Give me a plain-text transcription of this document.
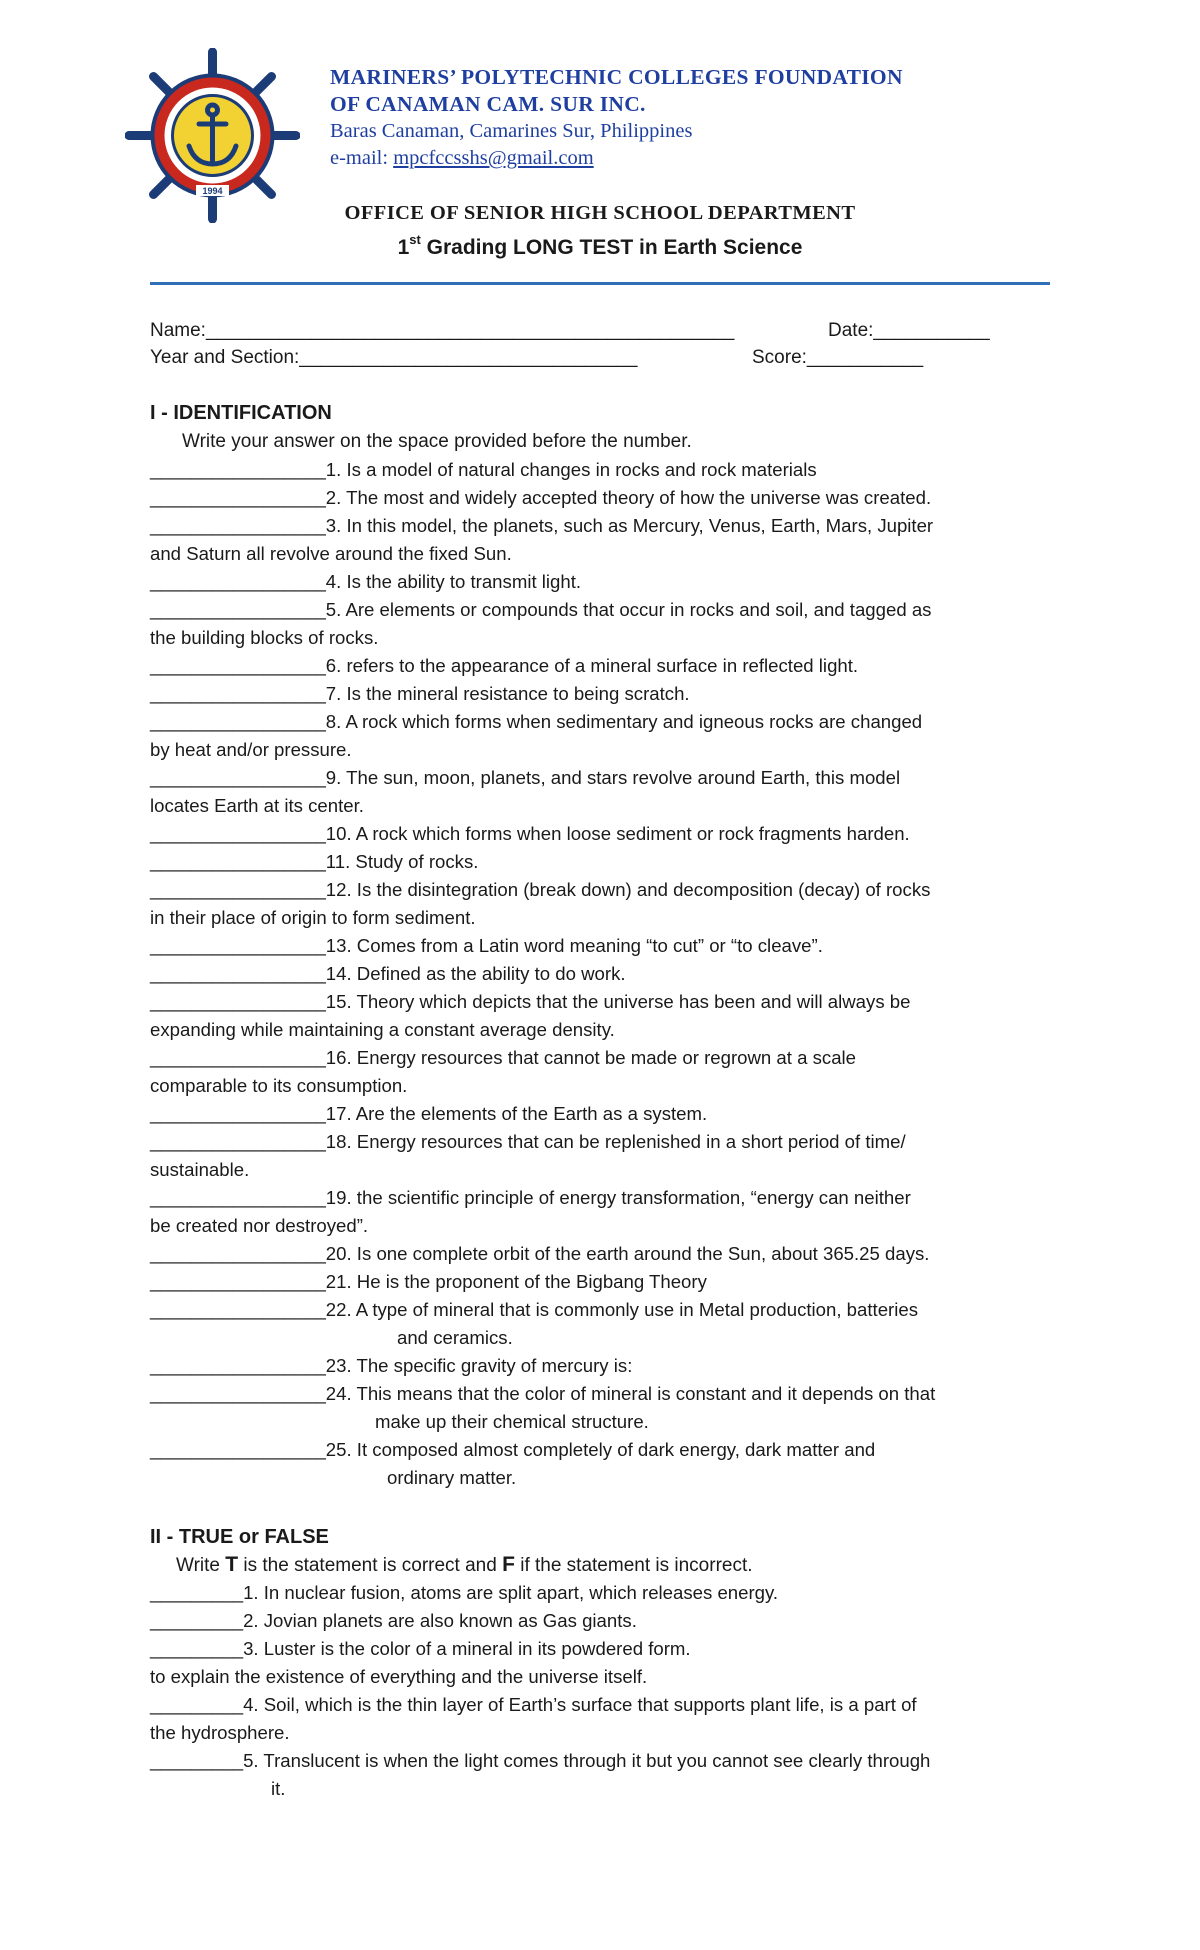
1994

MARINERS’ POLYTECHNIC COLLEGES FOUNDATION

OF CANAMAN CAM. SUR INC.

Baras Canaman, Camarines Sur, Philippines

e-mail: mpcfccsshs@gmail.com

OFFICE OF SENIOR HIGH SCHOOL DEPARTMENT
1st Grading LONG TEST in Earth Science
Name:__________________________________________________	Date:___________
Year and Section:________________________________	Score:___________
I - IDENTIFICATION
Write your answer on the space provided before the number.
_________________1. Is a model of natural changes in rocks and rock materials
_________________2. The most and widely accepted theory of how the universe was created.
_________________3. In this model, the planets, such as Mercury, Venus, Earth, Mars, Jupiter
and Saturn all revolve around the fixed Sun.
_________________4. Is the ability to transmit light.
_________________5. Are elements or compounds that occur in rocks and soil, and tagged as
the building blocks of rocks.
_________________6. refers to the appearance of a mineral surface in reflected light.
_________________7. Is the mineral resistance to being scratch.
_________________8. A rock which forms when sedimentary and igneous rocks are changed
by heat and/or pressure.
_________________9. The sun, moon, planets, and stars revolve around Earth, this model
locates Earth at its center.
_________________10. A rock which forms when loose sediment or rock fragments harden.
_________________11. Study of rocks.
_________________12. Is the disintegration (break down) and decomposition (decay) of rocks
in their place of origin to form sediment.
_________________13. Comes from a Latin word meaning “to cut” or “to cleave”.
_________________14. Defined as the ability to do work.
_________________15. Theory which depicts that the universe has been and will always be
expanding while maintaining a constant average density.
_________________16. Energy resources that cannot be made or regrown at a scale
comparable to its consumption.
_________________17. Are the elements of the Earth as a system.
_________________18. Energy resources that can be replenished in a short period of time/
sustainable.
_________________19. the scientific principle of energy transformation, “energy can neither
be created nor destroyed”.
_________________20. Is one complete orbit of the earth around the Sun, about 365.25 days.
_________________21. He is the proponent of the Bigbang Theory
_________________22. A type of mineral that is commonly use in Metal production, batteries
and ceramics.
_________________23. The specific gravity of mercury is:
_________________24. This means that the color of mineral is constant and it depends on that
make up their chemical structure.
_________________25. It composed almost completely of dark energy, dark matter and
ordinary matter.
II - TRUE or FALSE
Write T is the statement is correct and F if the statement is incorrect.
_________1. In nuclear fusion, atoms are split apart, which releases energy.
_________2. Jovian planets are also known as Gas giants.
_________3. Luster is the color of a mineral in its powdered form.
to explain the existence of everything and the universe itself.
_________4. Soil, which is the thin layer of Earth’s surface that supports plant life, is a part of
the hydrosphere.
_________5. Translucent is when the light comes through it but you cannot see clearly through
it.
